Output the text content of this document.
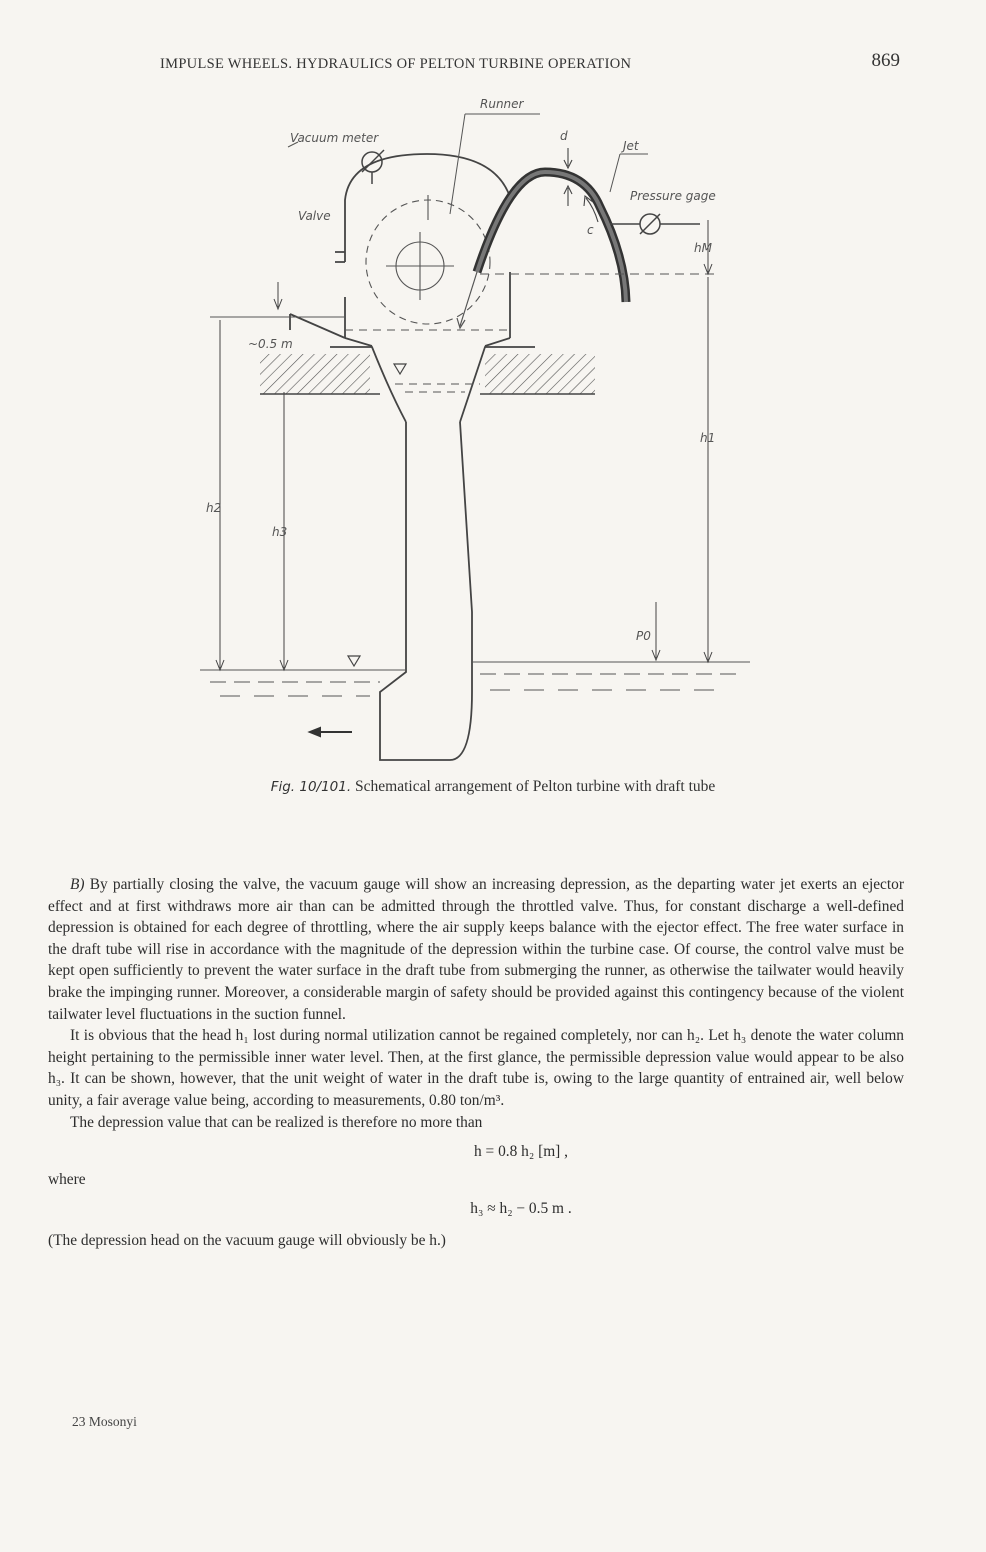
IMPULSE WHEELS. HYDRAULICS OF PELTON TURBINE OPERATION	869
Runner
Vacuum meter	d
Jet
Pressure gage
Valve
c
hM
~0.5 m
h1
h2
h3
P0
Fig. 10/101. Schematical arrangement of Pelton turbine with draft tube

B) By partially closing the valve, the vacuum gauge will show an increasing depression, as the departing water jet exerts an ejector effect and at first withdraws more air than can be admitted through the throttled valve. Thus, for constant discharge a well-defined depression is obtained for each degree of throttling, where the air supply keeps balance with the ejector effect. The free water surface in the draft tube will rise in accordance with the magnitude of the depression within the turbine case. Of course, the control valve must be kept open sufficiently to prevent the water surface in the draft tube from submerging the runner, as otherwise the tailwater would heavily brake the impinging runner. Moreover, a considerable margin of safety should be provided against this contingency because of the violent tailwater level fluctuations in the suction funnel.

It is obvious that the head h₁ lost during normal utilization cannot be regained completely, nor can h₂. Let h₃ denote the water column height pertaining to the permissible inner water level. Then, at the first glance, the permissible depression value would appear to be also h₃. It can be shown, however, that the unit weight of water in the draft tube is, owing to the large quantity of entrained air, well below unity, a fair average value being, according to measurements, 0.80 ton/m³.

The depression value that can be realized is therefore no more than

h = 0.8 h₂ [m] ,
where
h₃ ≈ h₂ − 0.5 m .

(The depression head on the vacuum gauge will obviously be h.)

23 Mosonyi
